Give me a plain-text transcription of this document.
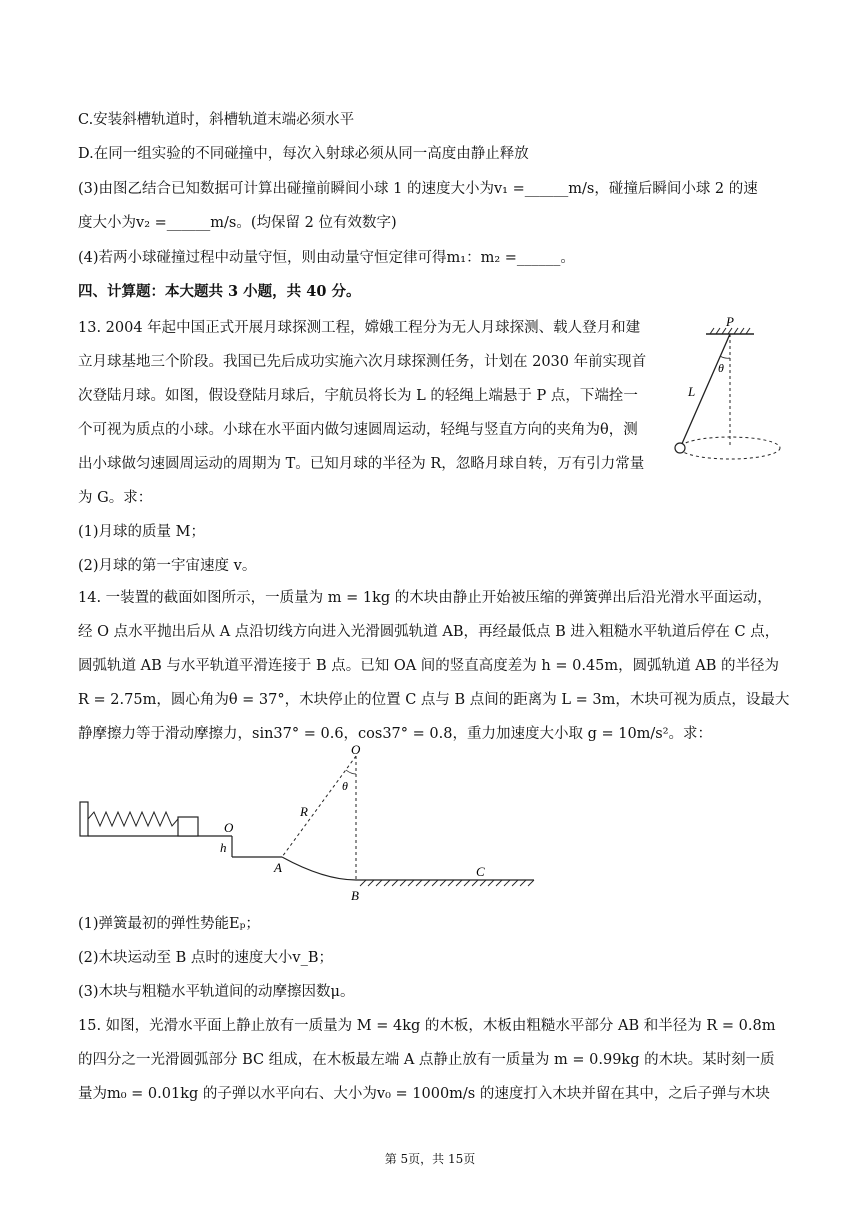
C.安装斜槽轨道时，斜槽轨道末端必须水平
D.在同一组实验的不同碰撞中，每次入射球必须从同一高度由静止释放
(3)由图乙结合已知数据可计算出碰撞前瞬间小球 1 的速度大小为v₁ =______m/s，碰撞后瞬间小球 2 的速
度大小为v₂ =______m/s。(均保留 2 位有效数字)
(4)若两小球碰撞过程中动量守恒，则由动量守恒定律可得m₁：m₂ =______。
四、计算题：本大题共 3 小题，共 40 分。
13. 2004 年起中国正式开展月球探测工程，嫦娥工程分为无人月球探测、载人登月和建
立月球基地三个阶段。我国已先后成功实施六次月球探测任务，计划在 2030 年前实现首
次登陆月球。如图，假设登陆月球后，宇航员将长为 L 的轻绳上端悬于 P 点，下端拴一
个可视为质点的小球。小球在水平面内做匀速圆周运动，轻绳与竖直方向的夹角为θ，测
出小球做匀速圆周运动的周期为 T。已知月球的半径为 R，忽略月球自转，万有引力常量
为 G。求：
(1)月球的质量 M；
(2)月球的第一宇宙速度 v。
P
θ
L
14. 一装置的截面如图所示，一质量为 m = 1kg 的木块由静止开始被压缩的弹簧弹出后沿光滑水平面运动，
经 O 点水平抛出后从 A 点沿切线方向进入光滑圆弧轨道 AB，再经最低点 B 进入粗糙水平轨道后停在 C 点，
圆弧轨道 AB 与水平轨道平滑连接于 B 点。已知 OA 间的竖直高度差为 h = 0.45m，圆弧轨道 AB 的半径为
R = 2.75m，圆心角为θ = 37°，木块停止的位置 C 点与 B 点间的距离为 L = 3m，木块可视为质点，设最大
静摩擦力等于滑动摩擦力，sin37° = 0.6，cos37° = 0.8，重力加速度大小取 g = 10m/s²。求：
O
h
A
O
θ
R
B
C
(1)弹簧最初的弹性势能Eₚ；
(2)木块运动至 B 点时的速度大小v_B；
(3)木块与粗糙水平轨道间的动摩擦因数μ。
15. 如图，光滑水平面上静止放有一质量为 M = 4kg 的木板，木板由粗糙水平部分 AB 和半径为 R = 0.8m
的四分之一光滑圆弧部分 BC 组成，在木板最左端 A 点静止放有一质量为 m = 0.99kg 的木块。某时刻一质
量为m₀ = 0.01kg 的子弹以水平向右、大小为v₀ = 1000m/s 的速度打入木块并留在其中，之后子弹与木块
第 5页，共 15页
